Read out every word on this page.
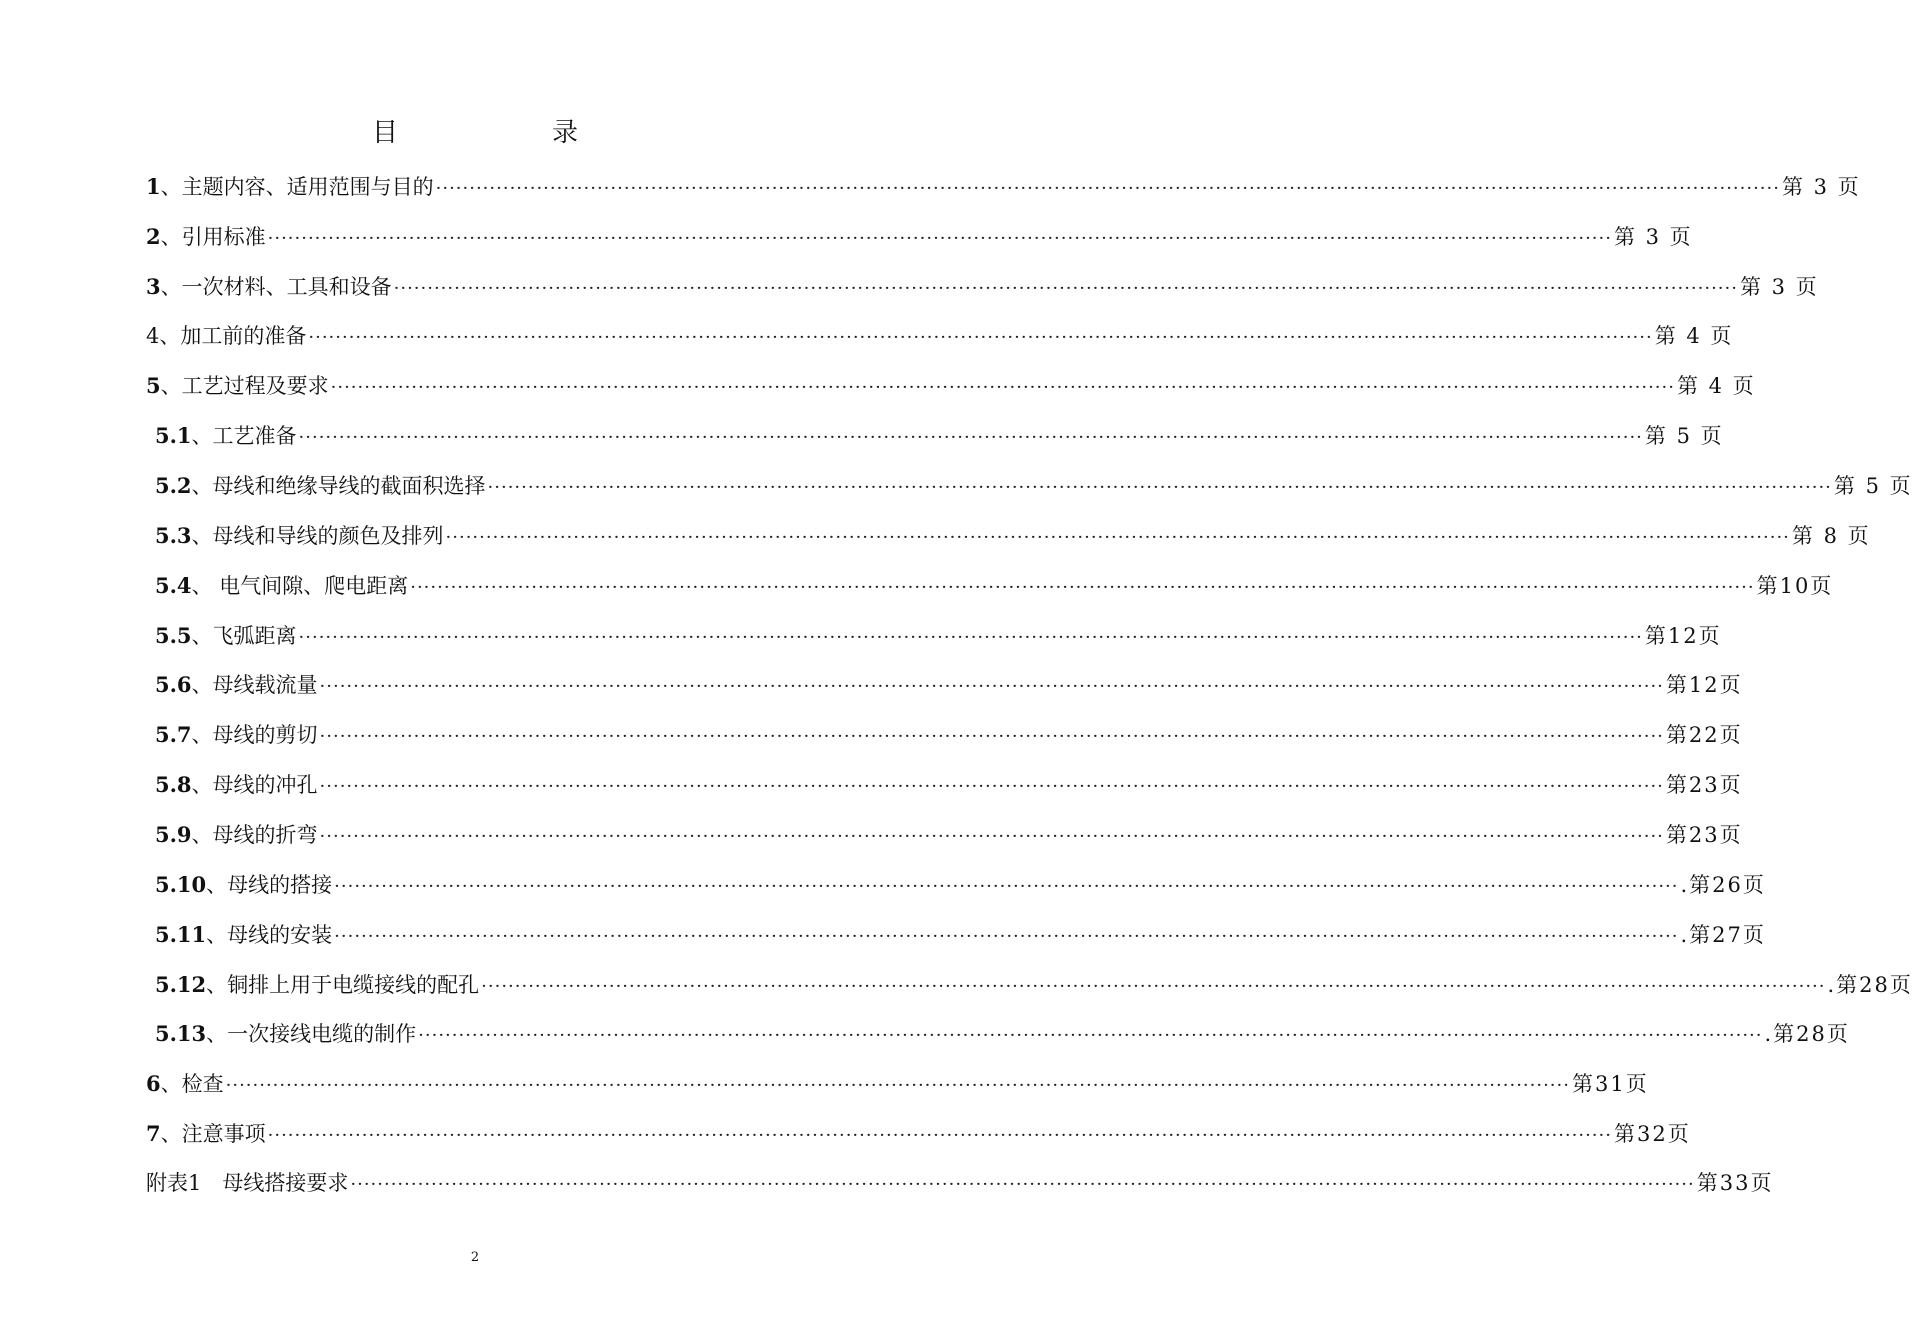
目　　录
1 、 主题内容、适用范围与目的 ········································································································································································································ 第 3 页
2 、 引用标准 ········································································································································································································ 第 3 页
3 、 一次材料、工具和设备 ········································································································································································································ 第 3 页
4 、 加工前的准备 ········································································································································································································ 第 4 页
5 、 工艺过程及要求 ········································································································································································································ 第 4 页
5.1 、 工艺准备 ········································································································································································································ 第 5 页
5.2 、 母线和绝缘导线的截面积选择 ········································································································································································································ 第 5 页
5.3 、 母线和导线的颜色及排列 ········································································································································································································ 第 8 页
5.4 、 电气间隙、爬电距离 ········································································································································································································ 第10页
5.5 、 飞弧距离 ········································································································································································································ 第12页
5.6 、 母线载流量 ········································································································································································································ 第12页
5.7 、 母线的剪切 ········································································································································································································ 第22页
5.8 、 母线的冲孔 ········································································································································································································ 第23页
5.9 、 母线的折弯 ········································································································································································································ 第23页
5.10 、 母线的搭接 ········································································································································································································ .第26页
5.11 、 母线的安装 ········································································································································································································ .第27页
5.12 、 铜排上用于电缆接线的配孔 ········································································································································································································ .第28页
5.13 、 一次接线电缆的制作 ········································································································································································································ .第28页
6 、 检查 ········································································································································································································ 第31页
7 、 注意事项 ········································································································································································································ 第32页
附表1
　 母线搭接要求 ········································································································································································································ 第33页
2
